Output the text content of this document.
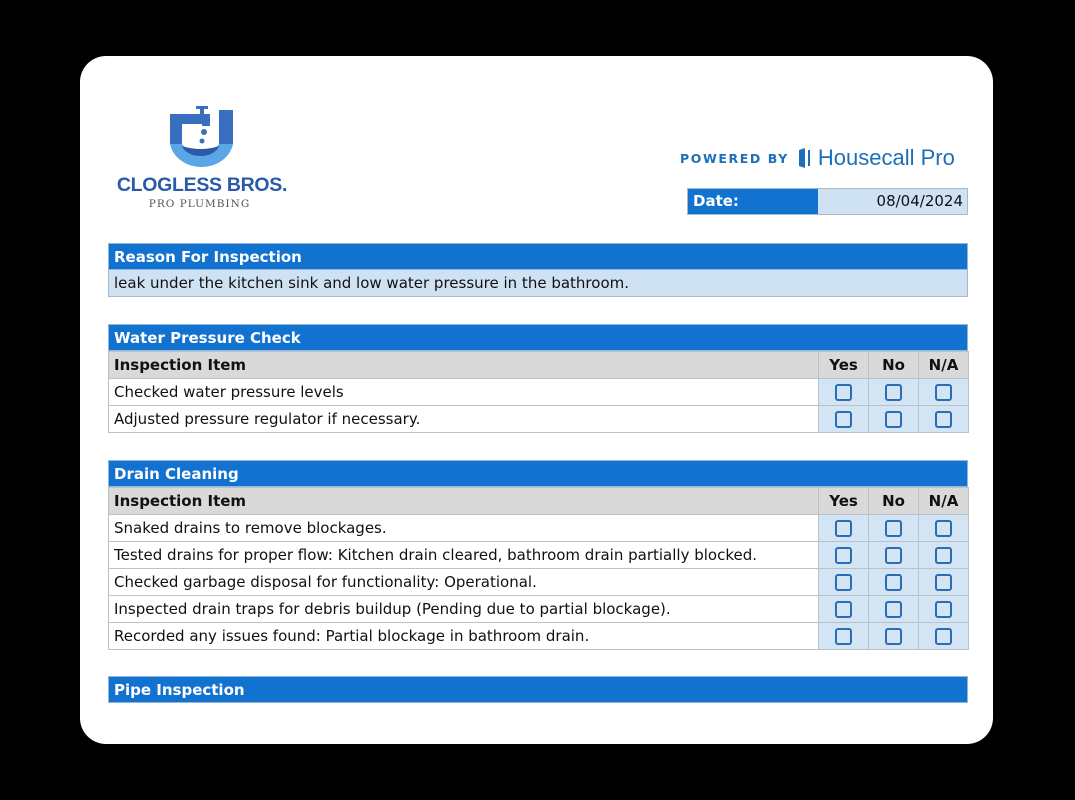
CLOGLESS BROS.
PRO PLUMBING
POWERED BY Housecall Pro
Date:	08/04/2024
Reason For Inspection
leak under the kitchen sink and low water pressure in the bathroom.
Water Pressure Check
Inspection Item	Yes	No	N/A
Checked water pressure levels			
Adjusted pressure regulator if necessary.			
Drain Cleaning
Inspection Item	Yes	No	N/A
Snaked drains to remove blockages.			
Tested drains for proper flow: Kitchen drain cleared, bathroom drain partially blocked.			
Checked garbage disposal for functionality: Operational.			
Inspected drain traps for debris buildup (Pending due to partial blockage).			
Recorded any issues found: Partial blockage in bathroom drain.			
Pipe Inspection
